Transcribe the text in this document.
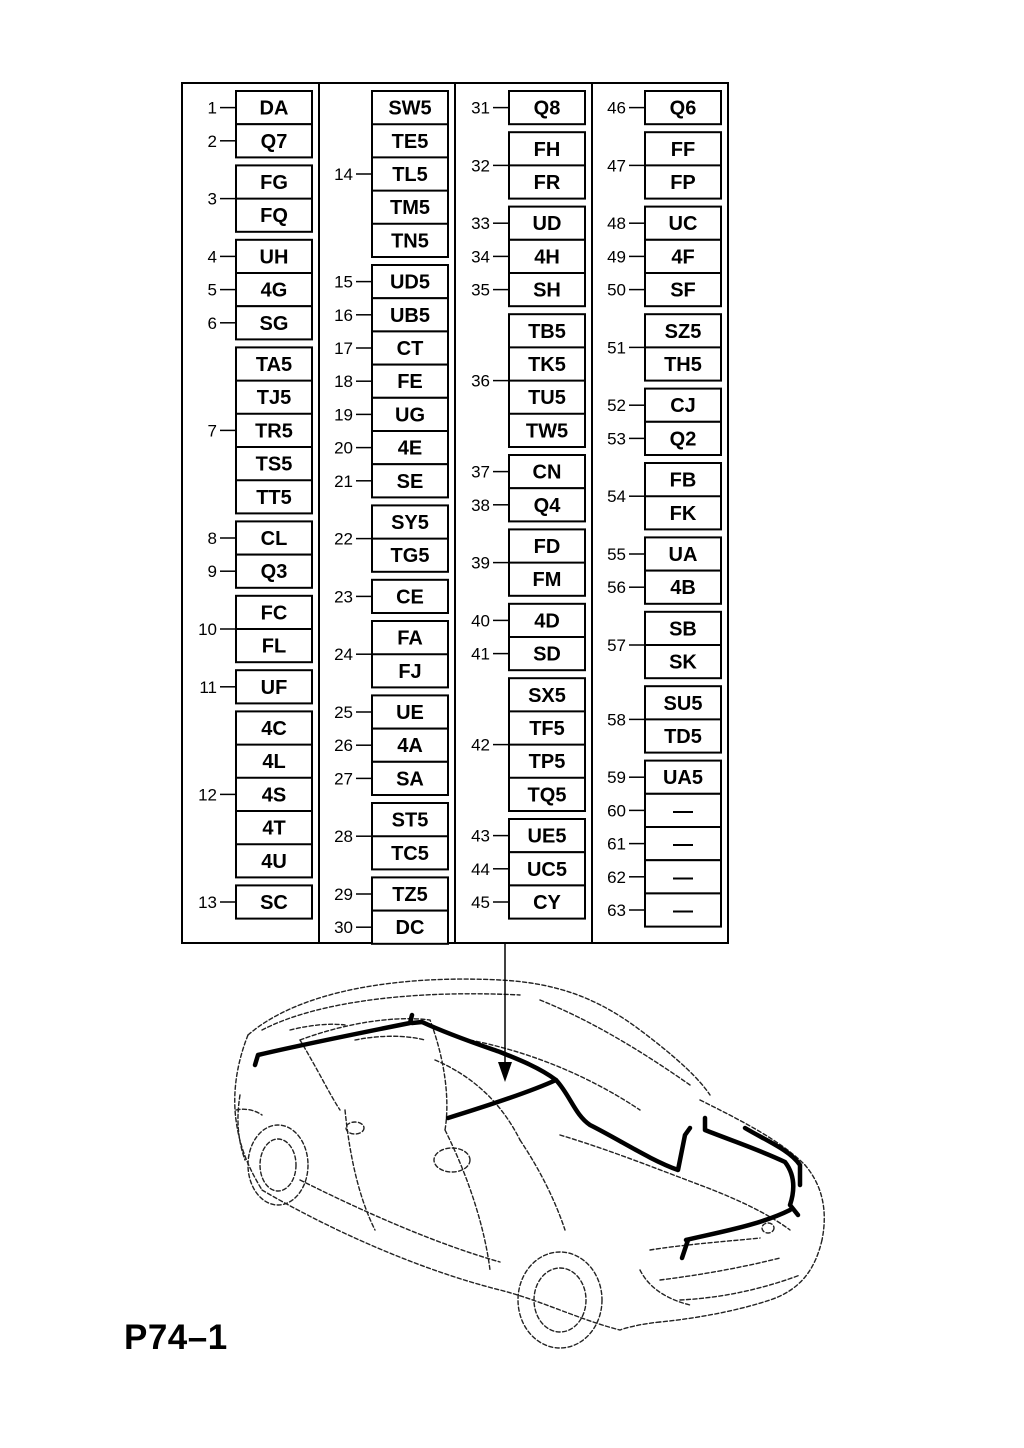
DA
1
Q7
2
FG
FQ
3
UH
4
4G
5
SG
6
TA5
TJ5
TR5
TS5
TT5
7
CL
8
Q3
9
FC
FL
10
UF
11
4C
4L
4S
4T
4U
12
SC
13
SW5
TE5
TL5
TM5
TN5
14
UD5
15
UB5
16
CT
17
FE
18
UG
19
4E
20
SE
21
SY5
TG5
22
CE
23
FA
FJ
24
UE
25
4A
26
SA
27
ST5
TC5
28
TZ5
29
DC
30
Q8
31
FH
FR
32
UD
33
4H
34
SH
35
TB5
TK5
TU5
TW5
36
CN
37
Q4
38
FD
FM
39
4D
40
SD
41
SX5
TF5
TP5
TQ5
42
UE5
43
UC5
44
CY
45
Q6
46
FF
FP
47
UC
48
4F
49
SF
50
SZ5
TH5
51
CJ
52
Q2
53
FB
FK
54
UA
55
4B
56
SB
SK
57
SU5
TD5
58
UA5
59
—
60
—
61
—
62
—
63
P74–1
